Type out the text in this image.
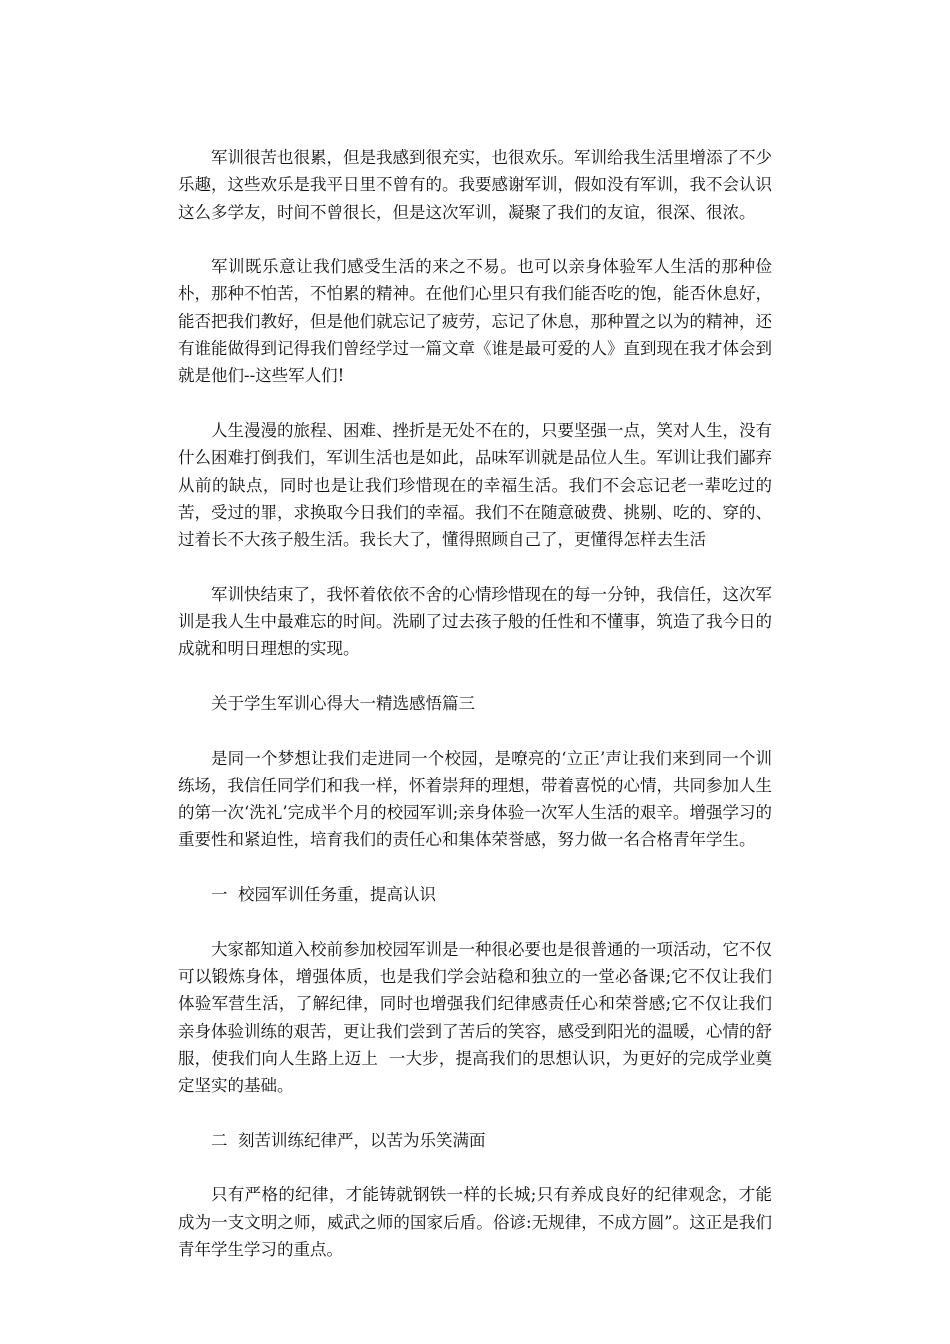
军训很苦也很累，但是我感到很充实，也很欢乐。军训给我生活里增添了不少乐趣，这些欢乐是我平日里不曾有的。我要感谢军训，假如没有军训，我不会认识这么多学友，时间不曾很长，但是这次军训，凝聚了我们的友谊，很深、很浓。

军训既乐意让我们感受生活的来之不易。也可以亲身体验军人生活的那种俭朴，那种不怕苦，不怕累的精神。在他们心里只有我们能否吃的饱，能否休息好，能否把我们教好，但是他们就忘记了疲劳，忘记了休息，那种置之以为的精神，还有谁能做得到记得我们曾经学过一篇文章《谁是最可爱的人》直到现在我才体会到就是他们--这些军人们!

人生漫漫的旅程、困难、挫折是无处不在的，只要坚强一点，笑对人生，没有什么困难打倒我们，军训生活也是如此，品味军训就是品位人生。军训让我们鄙弃从前的缺点，同时也是让我们珍惜现在的幸福生活。我们不会忘记老一辈吃过的苦，受过的罪，求换取今日我们的幸福。我们不在随意破费、挑剔、吃的、穿的、过着长不大孩子般生活。我长大了，懂得照顾自己了，更懂得怎样去生活

军训快结束了，我怀着依依不舍的心情珍惜现在的每一分钟，我信任，这次军训是我人生中最难忘的时间。洗刷了过去孩子般的任性和不懂事，筑造了我今日的成就和明日理想的实现。

关于学生军训心得大一精选感悟篇三

是同一个梦想让我们走进同一个校园，是嘹亮的‘立正’声让我们来到同一个训练场，我信任同学们和我一样，怀着崇拜的理想，带着喜悦的心情，共同参加人生的第一次‘洗礼’完成半个月的校园军训;亲身体验一次军人生活的艰辛。增强学习的重要性和紧迫性，培育我们的责任心和集体荣誉感，努力做一名合格青年学生。

一  校园军训任务重，提高认识

大家都知道入校前参加校园军训是一种很必要也是很普通的一项活动，它不仅可以锻炼身体，增强体质，也是我们学会站稳和独立的一堂必备课;它不仅让我们体验军营生活，了解纪律，同时也增强我们纪律感责任心和荣誉感;它不仅让我们亲身体验训练的艰苦，更让我们尝到了苦后的笑容，感受到阳光的温暖，心情的舒服，使我们向人生路上迈上  一大步，提高我们的思想认识，为更好的完成学业奠定坚实的基础。

二  刻苦训练纪律严，以苦为乐笑满面

只有严格的纪律，才能铸就钢铁一样的长城;只有养成良好的纪律观念，才能成为一支文明之师，威武之师的国家后盾。俗谚:无规律，不成方圆”。这正是我们青年学生学习的重点。
